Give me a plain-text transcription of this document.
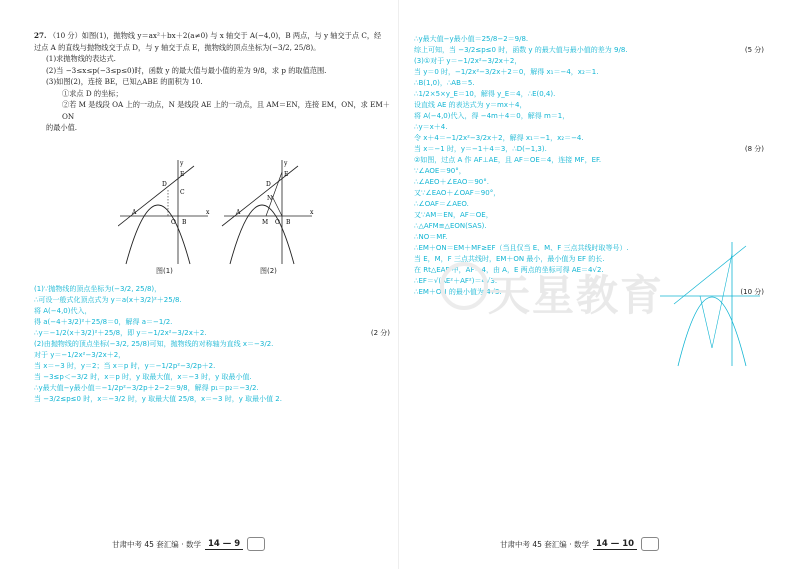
27. （10 分）如图(1)，抛物线 y＝ax²＋bx＋2(a≠0) 与 x 轴交于 A(−4,0)，B 两点，与 y 轴交于点 C，经

过点 A 的直线与抛物线交于点 D，与 y 轴交于点 E，抛物线的顶点坐标为(−3/2, 25/8)。

(1)求抛物线的表达式.

(2)当 −3≤x≤p(−3≤p≤0)时，函数 y 的最大值与最小值的差为 9/8，求 p 的取值范围.

(3)如图(2)，连接 BE，已知△ABE 的面积为 10.

①求点 D 的坐标；

②若 M 是线段 OA 上的一动点，N 是线段 AE 上的一动点，且 AM＝EN，连接 EM，ON，求 EM＋ON

的最小值.

y
x
A
B
O
C
D
E
y
x
A
B
O
M
N
D
E
图(1)	图(2)
(1)∵抛物线的顶点坐标为(−3/2, 25/8)，
∴可设一般式化顶点式为 y＝a(x＋3/2)²＋25/8.
将 A(−4,0)代入，
得 a(−4＋3/2)²＋25/8＝0，解得 a＝−1/2.
∴y＝−1/2(x＋3/2)²＋25/8，即 y＝−1/2x²−3/2x＋2.	(2 分)
(2)由抛物线的顶点坐标(−3/2, 25/8)可知，抛物线的对称轴为直线 x＝−3/2.
对于 y＝−1/2x²−3/2x＋2，
当 x＝−3 时，y＝2；当 x＝p 时，y＝−1/2p²−3/2p＋2.
当 −3≤p＜−3/2 时，x＝p 时，y 取最大值，x＝−3 时，y 取最小值.
∴y最大值−y最小值＝−1/2p²−3/2p＋2−2＝9/8，解得 p₁＝p₂＝−3/2.
当 −3/2≤p≤0 时，x＝−3/2 时，y 取最大值 25/8，x＝−3 时，y 取最小值 2.
甘肃中考 45 套汇编 · 数学 14 — 9
∴y最大值−y最小值＝25/8−2＝9/8.
综上可知，当 −3/2≤p≤0 时，函数 y 的最大值与最小值的差为 9/8.	(5 分)
(3)①对于 y＝−1/2x²−3/2x＋2，
当 y＝0 时，−1/2x²−3/2x＋2＝0，解得 x₁＝−4，x₂＝1.
∴B(1,0)，∴AB＝5.
∴1/2×5×y_E＝10，解得 y_E＝4，∴E(0,4).
设直线 AE 的表达式为 y＝mx＋4，
将 A(−4,0)代入，得 −4m＋4＝0，解得 m＝1，
∴y＝x＋4.
令 x＋4＝−1/2x²−3/2x＋2，解得 x₁＝−1，x₂＝−4.
当 x＝−1 时，y＝−1＋4＝3，∴D(−1,3).	(8 分)
②如图，过点 A 作 AF⊥AE，且 AF＝OE＝4，连接 MF，EF.
∵∠AOE＝90°，
∴∠AEO＋∠EAO＝90°.
又∵∠EAO＋∠OAF＝90°，
∴∠OAF＝∠AEO.
又∵AM＝EN，AF＝OE，
∴△AFM≌△EON(SAS).
∴NO＝MF.
∴EM＋ON＝EM＋MF≥EF（当且仅当 E、M、F 三点共线时取等号）.
当 E，M，F 三点共线时，EM＋ON 最小，最小值为 EF 的长.
在 Rt△EAF 中，AF＝4，由 A，E 两点的坐标可得 AE＝4√2.
∴EF＝√(AE²＋AF²)＝4√3.
∴EM＋ON 的最小值为 4√3.	(10 分)
甘肃中考 45 套汇编 · 数学 14 — 10
天星教育
